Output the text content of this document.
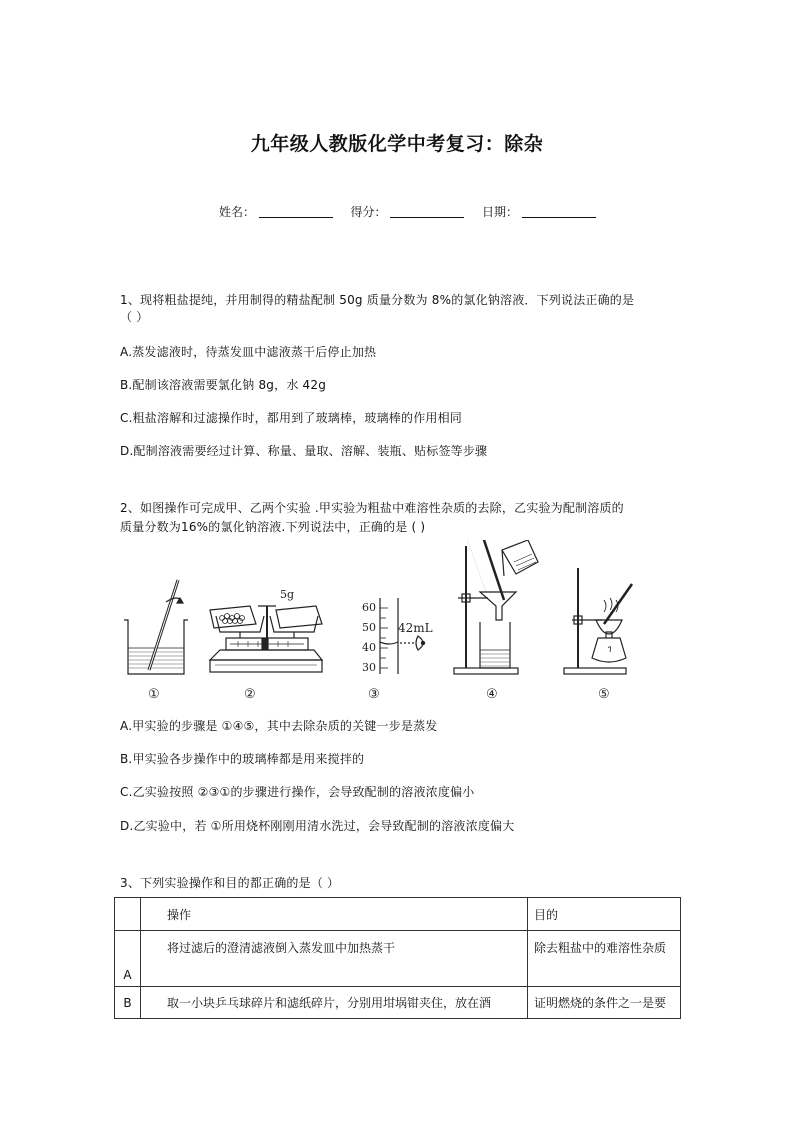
九年级人教版化学中考复习：除杂
姓名：	得分：	日期：
1、现将粗盐提纯，并用制得的精盐配制 50g 质量分数为 8%的氯化钠溶液．下列说法正确的是
（ ）
A.蒸发滤液时，待蒸发皿中滤液蒸干后停止加热
B.配制该溶液需要氯化钠 8g，水 42g
C.粗盐溶解和过滤操作时，都用到了玻璃棒，玻璃棒的作用相同
D.配制溶液需要经过计算、称量、量取、溶解、装瓶、贴标签等步骤
2、如图操作可完成甲、乙两个实验 .甲实验为粗盐中难溶性杂质的去除，乙实验为配制溶质的
质量分数为16%的氯化钠溶液.下列说法中，正确的是 ( )
5g
60
50
40
30
42mL
①	②	③	④	⑤
A.甲实验的步骤是 ①④⑤，其中去除杂质的关键一步是蒸发
B.甲实验各步操作中的玻璃棒都是用来搅拌的
C.乙实验按照 ②③①的步骤进行操作，会导致配制的溶液浓度偏小
D.乙实验中，若 ①所用烧杯刚刚用清水洗过，会导致配制的溶液浓度偏大
3、下列实验操作和目的都正确的是（ ）
	操作	目的
A	将过滤后的澄清滤液倒入蒸发皿中加热蒸干	除去粗盐中的难溶性杂质
B	取一小块乒乓球碎片和滤纸碎片，分别用坩埚钳夹住，放在酒	证明燃烧的条件之一是要
